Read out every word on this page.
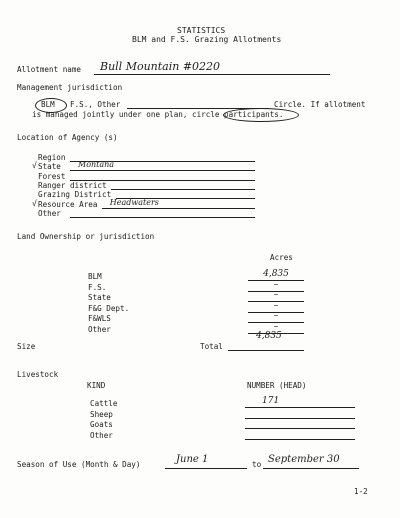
STATISTICS
BLM and F.S. Grazing Allotments
Allotment name Bull Mountain #0220
Management jurisdiction
BLM F.S., Other	Circle. If allotment
is managed jointly under one plan, circle participants.
Location of Agency (s)
Region
√ State Montana
Forest
Ranger district
Grazing District
√ Resource Area Headwaters
Other
Land Ownership or jurisdiction
Acres
BLM	4,835
F.S.	–
State	–
F&G Dept.	–
F&WLS	–
Other	–
Size	Total
4,835
Livestock
KIND	NUMBER (HEAD)
Cattle	171
Sheep
Goats
Other
Season of Use (Month & Day)	June 1	to September 30
1-2
